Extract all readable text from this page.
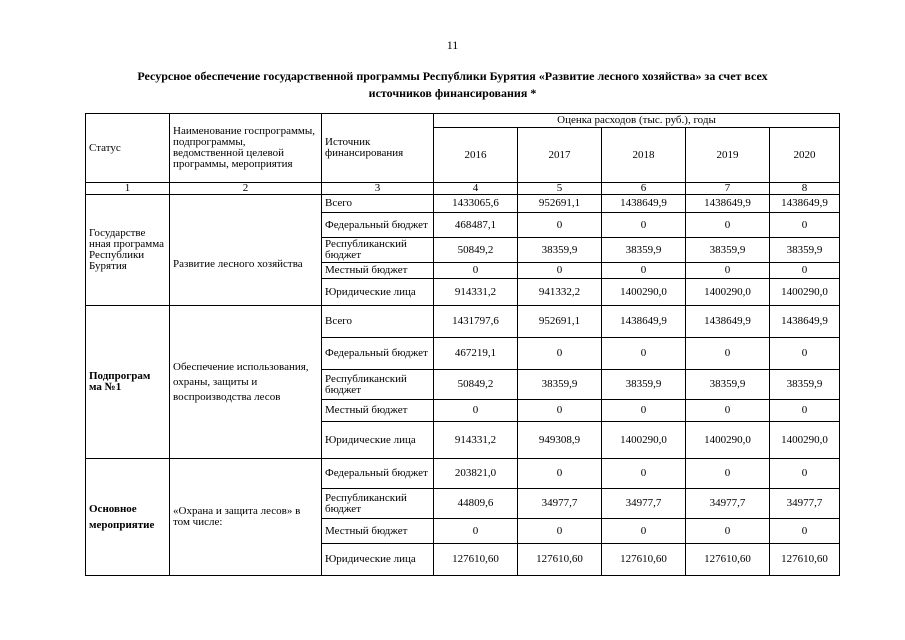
11
Ресурсное обеспечение государственной программы Республики Бурятия «Развитие лесного хозяйства» за счет всех
источников финансирования *
Статус	Наименование госпрограммы, подпрограммы, ведомственной целевой программы, мероприятия	Источник финансирования	Оценка расходов (тыс. руб.), годы				
			2016	2017	2018	2019	2020
1	2	3	4	5	6	7	8
Государстве нная программа Республики Бурятия	Развитие лесного хозяйства	Всего	1433065,6	952691,1	1438649,9	1438649,9	1438649,9
		Федеральный бюджет	468487,1	0	0	0	0
		Республиканский бюджет	50849,2	38359,9	38359,9	38359,9	38359,9
		Местный бюджет	0	0	0	0	0
		Юридические лица	914331,2	941332,2	1400290,0	1400290,0	1400290,0
Подпрограм ма №1	Обеспечение использования, охраны, защиты и воспроизводства лесов	Всего	1431797,6	952691,1	1438649,9	1438649,9	1438649,9
		Федеральный бюджет	467219,1	0	0	0	0
		Республиканский бюджет	50849,2	38359,9	38359,9	38359,9	38359,9
		Местный бюджет	0	0	0	0	0
		Юридические лица	914331,2	949308,9	1400290,0	1400290,0	1400290,0
Основное мероприятие	«Охрана и защита лесов» в том числе:	Федеральный бюджет	203821,0	0	0	0	0
		Республиканский бюджет	44809,6	34977,7	34977,7	34977,7	34977,7
		Местный бюджет	0	0	0	0	0
		Юридические лица	127610,60	127610,60	127610,60	127610,60	127610,60
